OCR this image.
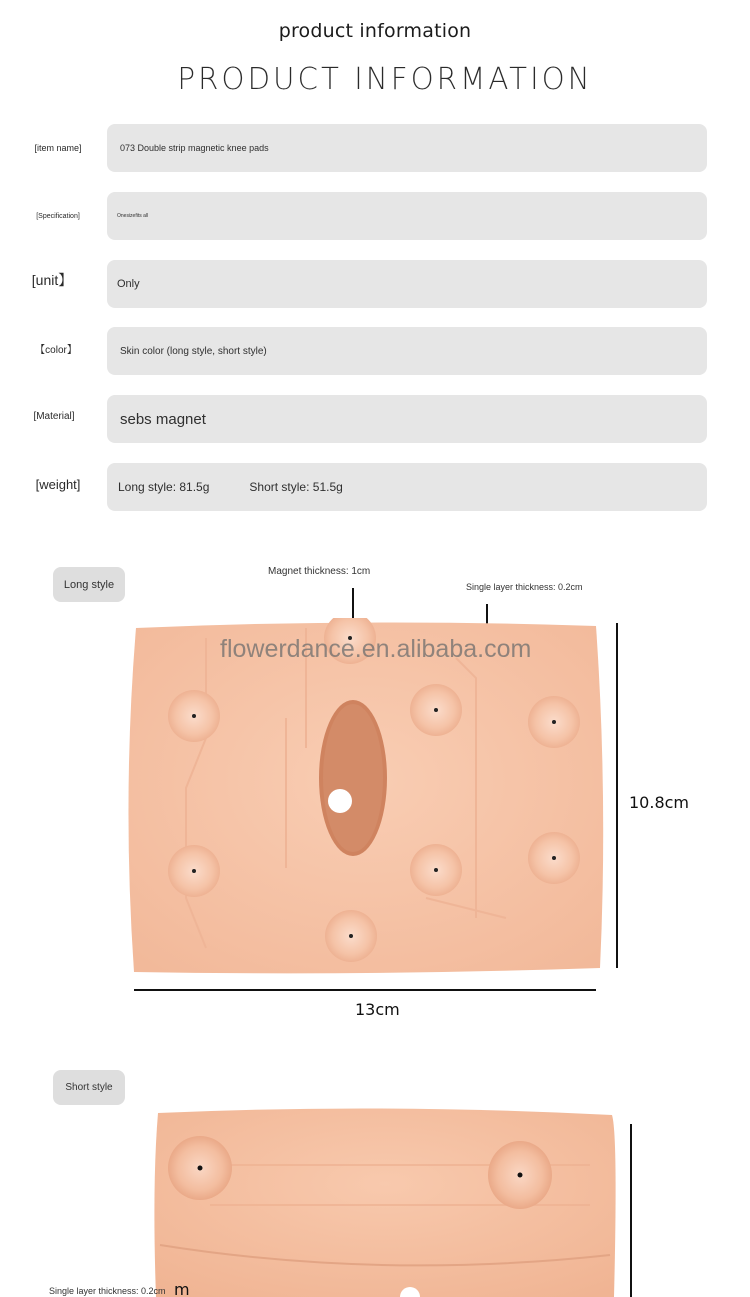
product information
PRODUCT INFORMATION
[item name]	073 Double strip magnetic knee pads
[Specification]	Onesizefits all
[unit】	Only
【color】	Skin color (long style, short style)
[Material]	sebs magnet
[weight]	Long style: 81.5g	Short style: 51.5g
Long style
Magnet thickness: 1cm
Single layer thickness: 0.2cm
flowerdance.en.alibaba.com
10.8cm
13cm
Short style
Single layer thickness: 0.2cm m
